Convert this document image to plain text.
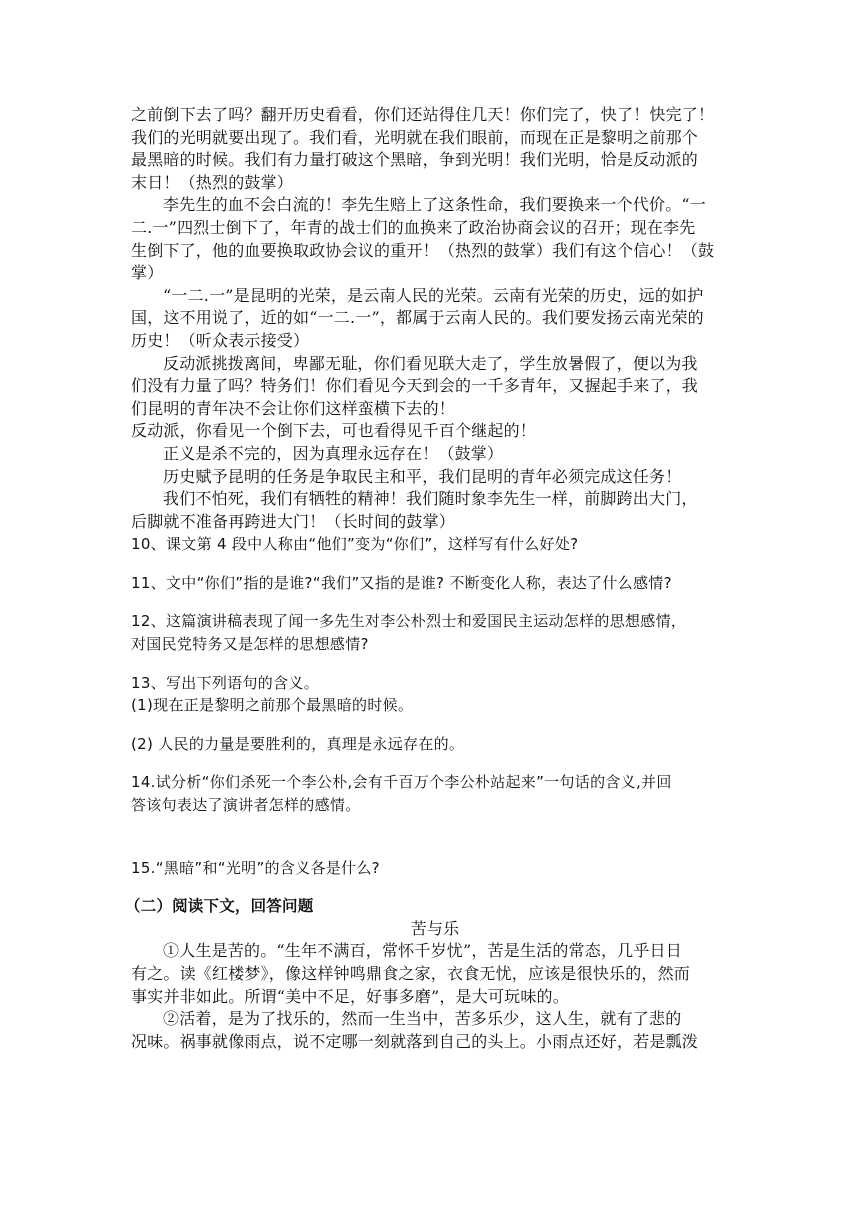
之前倒下去了吗？翻开历史看看，你们还站得住几天！你们完了，快了！快完了！
我们的光明就要出现了。我们看，光明就在我们眼前，而现在正是黎明之前那个
最黑暗的时候。我们有力量打破这个黑暗，争到光明！我们光明，恰是反动派的
末日！（热烈的鼓掌）
李先生的血不会白流的！李先生赔上了这条性命，我们要换来一个代价。“一
二.一”四烈士倒下了，年青的战士们的血换来了政治协商会议的召开；现在李先
生倒下了，他的血要换取政协会议的重开！（热烈的鼓掌）我们有这个信心！（鼓
掌）
“一二.一”是昆明的光荣，是云南人民的光荣。云南有光荣的历史，远的如护
国，这不用说了，近的如“一二.一”，都属于云南人民的。我们要发扬云南光荣的
历史！（听众表示接受）
反动派挑拨离间，卑鄙无耻，你们看见联大走了，学生放暑假了，便以为我
们没有力量了吗？特务们！你们看见今天到会的一千多青年，又握起手来了，我
们昆明的青年决不会让你们这样蛮横下去的！
反动派，你看见一个倒下去，可也看得见千百个继起的！
正义是杀不完的，因为真理永远存在！（鼓掌）
历史赋予昆明的任务是争取民主和平，我们昆明的青年必须完成这任务！
我们不怕死，我们有牺牲的精神！我们随时象李先生一样，前脚跨出大门，
后脚就不准备再跨进大门！（长时间的鼓掌）
10、课文第 4 段中人称由“他们”变为“你们”，这样写有什么好处?
11、文中“你们”指的是谁?“我们”又指的是谁? 不断变化人称，表达了什么感情?
12、这篇演讲稿表现了闻一多先生对李公朴烈士和爱国民主运动怎样的思想感情，
对国民党特务又是怎样的思想感情?
13、写出下列语句的含义。
(1)现在正是黎明之前那个最黑暗的时候。
(2) 人民的力量是要胜利的，真理是永远存在的。
14.试分析“你们杀死一个李公朴,会有千百万个李公朴站起来”一句话的含义,并回
答该句表达了演讲者怎样的感情。
15.“黑暗”和“光明”的含义各是什么?
（二）阅读下文，回答问题
苦与乐
①人生是苦的。“生年不满百，常怀千岁忧”，苦是生活的常态，几乎日日
有之。读《红楼梦》，像这样钟鸣鼎食之家，衣食无忧，应该是很快乐的，然而
事实并非如此。所谓“美中不足，好事多磨”，是大可玩味的。
②活着，是为了找乐的，然而一生当中，苦多乐少，这人生，就有了悲的
况味。祸事就像雨点，说不定哪一刻就落到自己的头上。小雨点还好，若是瓢泼
